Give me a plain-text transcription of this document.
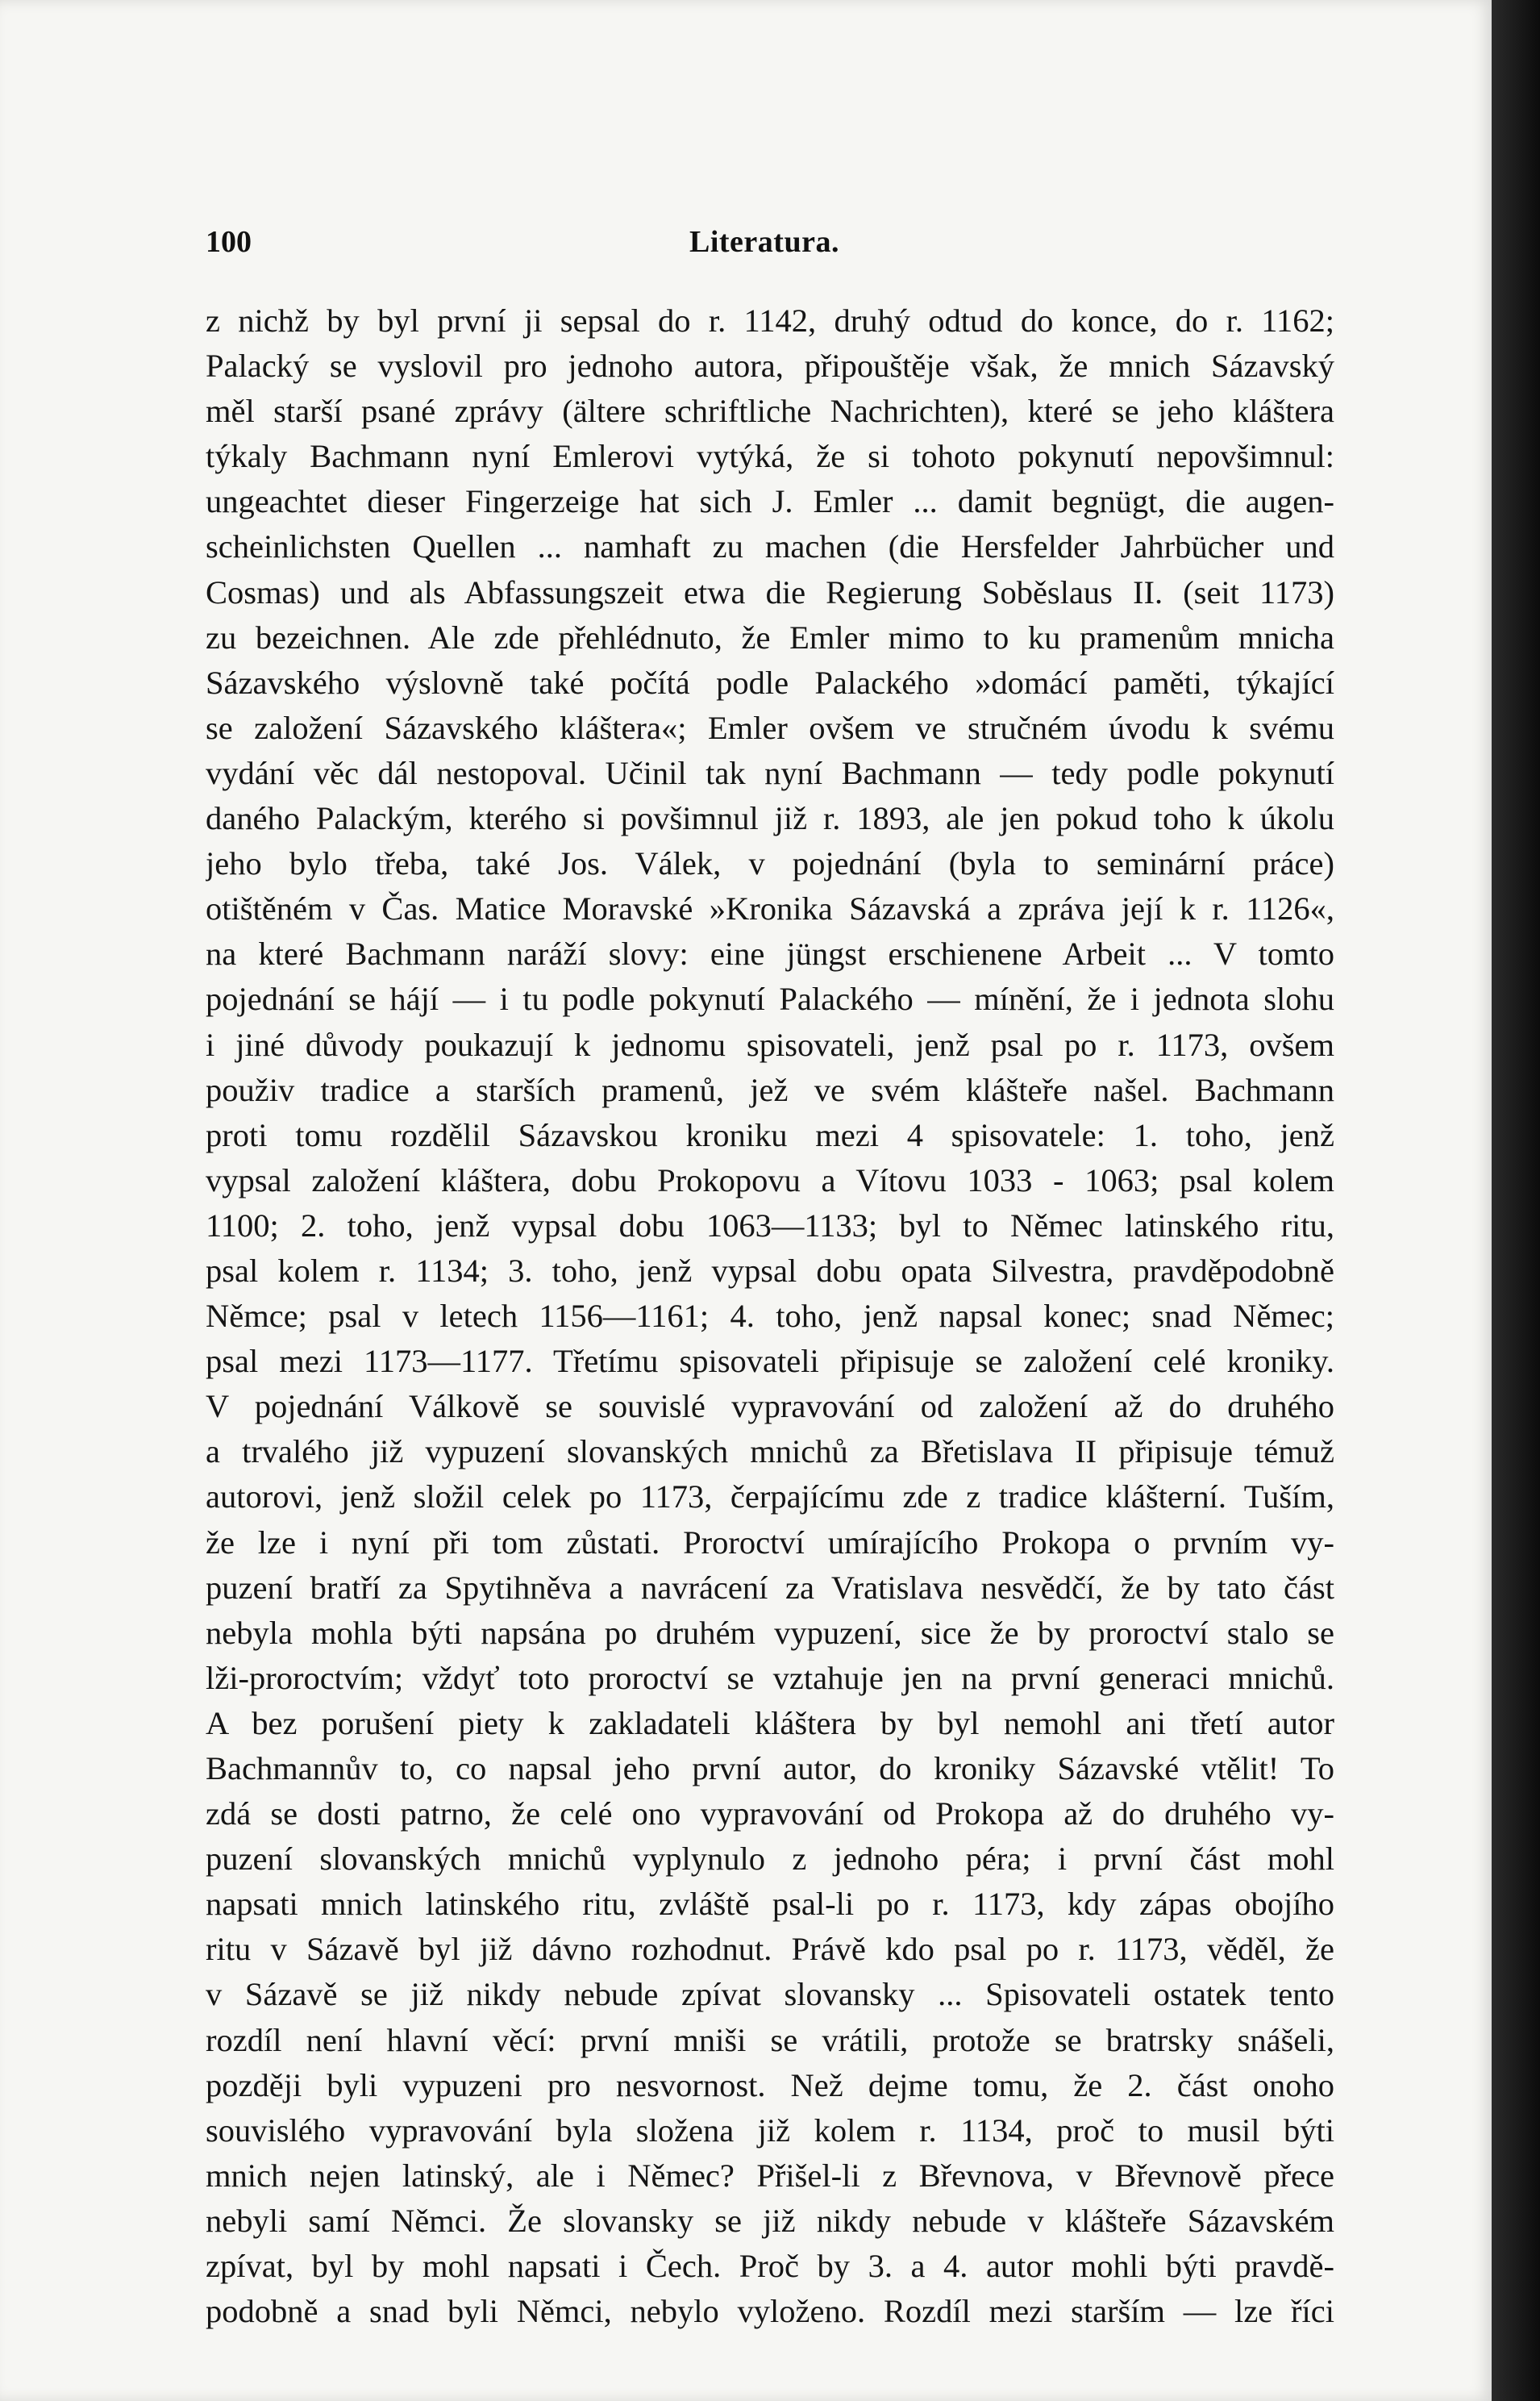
100	Literatura.
z nichž by byl první ji sepsal do r. 1142, druhý odtud do konce, do r. 1162;
Palacký se vyslovil pro jednoho autora, připouštěje však, že mnich Sázavský
měl starší psané zprávy (ältere schriftliche Nachrichten), které se jeho kláštera
týkaly Bachmann nyní Emlerovi vytýká, že si tohoto pokynutí nepovšimnul:
ungeachtet dieser Fingerzeige hat sich J. Emler ... damit begnügt, die augen-
scheinlichsten Quellen ... namhaft zu machen (die Hersfelder Jahrbücher und
Cosmas) und als Abfassungszeit etwa die Regierung Soběslaus II. (seit 1173)
zu bezeichnen. Ale zde přehlédnuto, že Emler mimo to ku pramenům mnicha
Sázavského výslovně také počítá podle Palackého »domácí paměti, týkající
se založení Sázavského kláštera«; Emler ovšem ve stručném úvodu k svému
vydání věc dál nestopoval. Učinil tak nyní Bachmann — tedy podle pokynutí
daného Palackým, kterého si povšimnul již r. 1893, ale jen pokud toho k úkolu
jeho bylo třeba, také Jos. Válek, v pojednání (byla to seminární práce)
otištěném v Čas. Matice Moravské »Kronika Sázavská a zpráva její k r. 1126«,
na které Bachmann naráží slovy: eine jüngst erschienene Arbeit ... V tomto
pojednání se hájí — i tu podle pokynutí Palackého — mínění, že i jednota slohu
i jiné důvody poukazují k jednomu spisovateli, jenž psal po r. 1173, ovšem
použiv tradice a starších pramenů, jež ve svém klášteře našel. Bachmann
proti tomu rozdělil Sázavskou kroniku mezi 4 spisovatele: 1. toho, jenž
vypsal založení kláštera, dobu Prokopovu a Vítovu 1033 - 1063; psal kolem
1100; 2. toho, jenž vypsal dobu 1063—1133; byl to Němec latinského ritu,
psal kolem r. 1134; 3. toho, jenž vypsal dobu opata Silvestra, pravděpodobně
Němce; psal v letech 1156—1161; 4. toho, jenž napsal konec; snad Němec;
psal mezi 1173—1177. Třetímu spisovateli připisuje se založení celé kroniky.
V pojednání Válkově se souvislé vypravování od založení až do druhého
a trvalého již vypuzení slovanských mnichů za Břetislava II připisuje témuž
autorovi, jenž složil celek po 1173, čerpajícímu zde z tradice klášterní. Tuším,
že lze i nyní při tom zůstati. Proroctví umírajícího Prokopa o prvním vy-
puzení bratří za Spytihněva a navrácení za Vratislava nesvědčí, že by tato část
nebyla mohla býti napsána po druhém vypuzení, sice že by proroctví stalo se
lži-proroctvím; vždyť toto proroctví se vztahuje jen na první generaci mnichů.
A bez porušení piety k zakladateli kláštera by byl nemohl ani třetí autor
Bachmannův to, co napsal jeho první autor, do kroniky Sázavské vtělit! To
zdá se dosti patrno, že celé ono vypravování od Prokopa až do druhého vy-
puzení slovanských mnichů vyplynulo z jednoho péra; i první část mohl
napsati mnich latinského ritu, zvláště psal-li po r. 1173, kdy zápas obojího
ritu v Sázavě byl již dávno rozhodnut. Právě kdo psal po r. 1173, věděl, že
v Sázavě se již nikdy nebude zpívat slovansky ... Spisovateli ostatek tento
rozdíl není hlavní věcí: první mniši se vrátili, protože se bratrsky snášeli,
později byli vypuzeni pro nesvornost. Než dejme tomu, že 2. část onoho
souvislého vypravování byla složena již kolem r. 1134, proč to musil býti
mnich nejen latinský, ale i Němec? Přišel-li z Břevnova, v Břevnově přece
nebyli samí Němci. Že slovansky se již nikdy nebude v klášteře Sázavském
zpívat, byl by mohl napsati i Čech. Proč by 3. a 4. autor mohli býti pravdě-
podobně a snad byli Němci, nebylo vyloženo. Rozdíl mezi starším — lze říci
